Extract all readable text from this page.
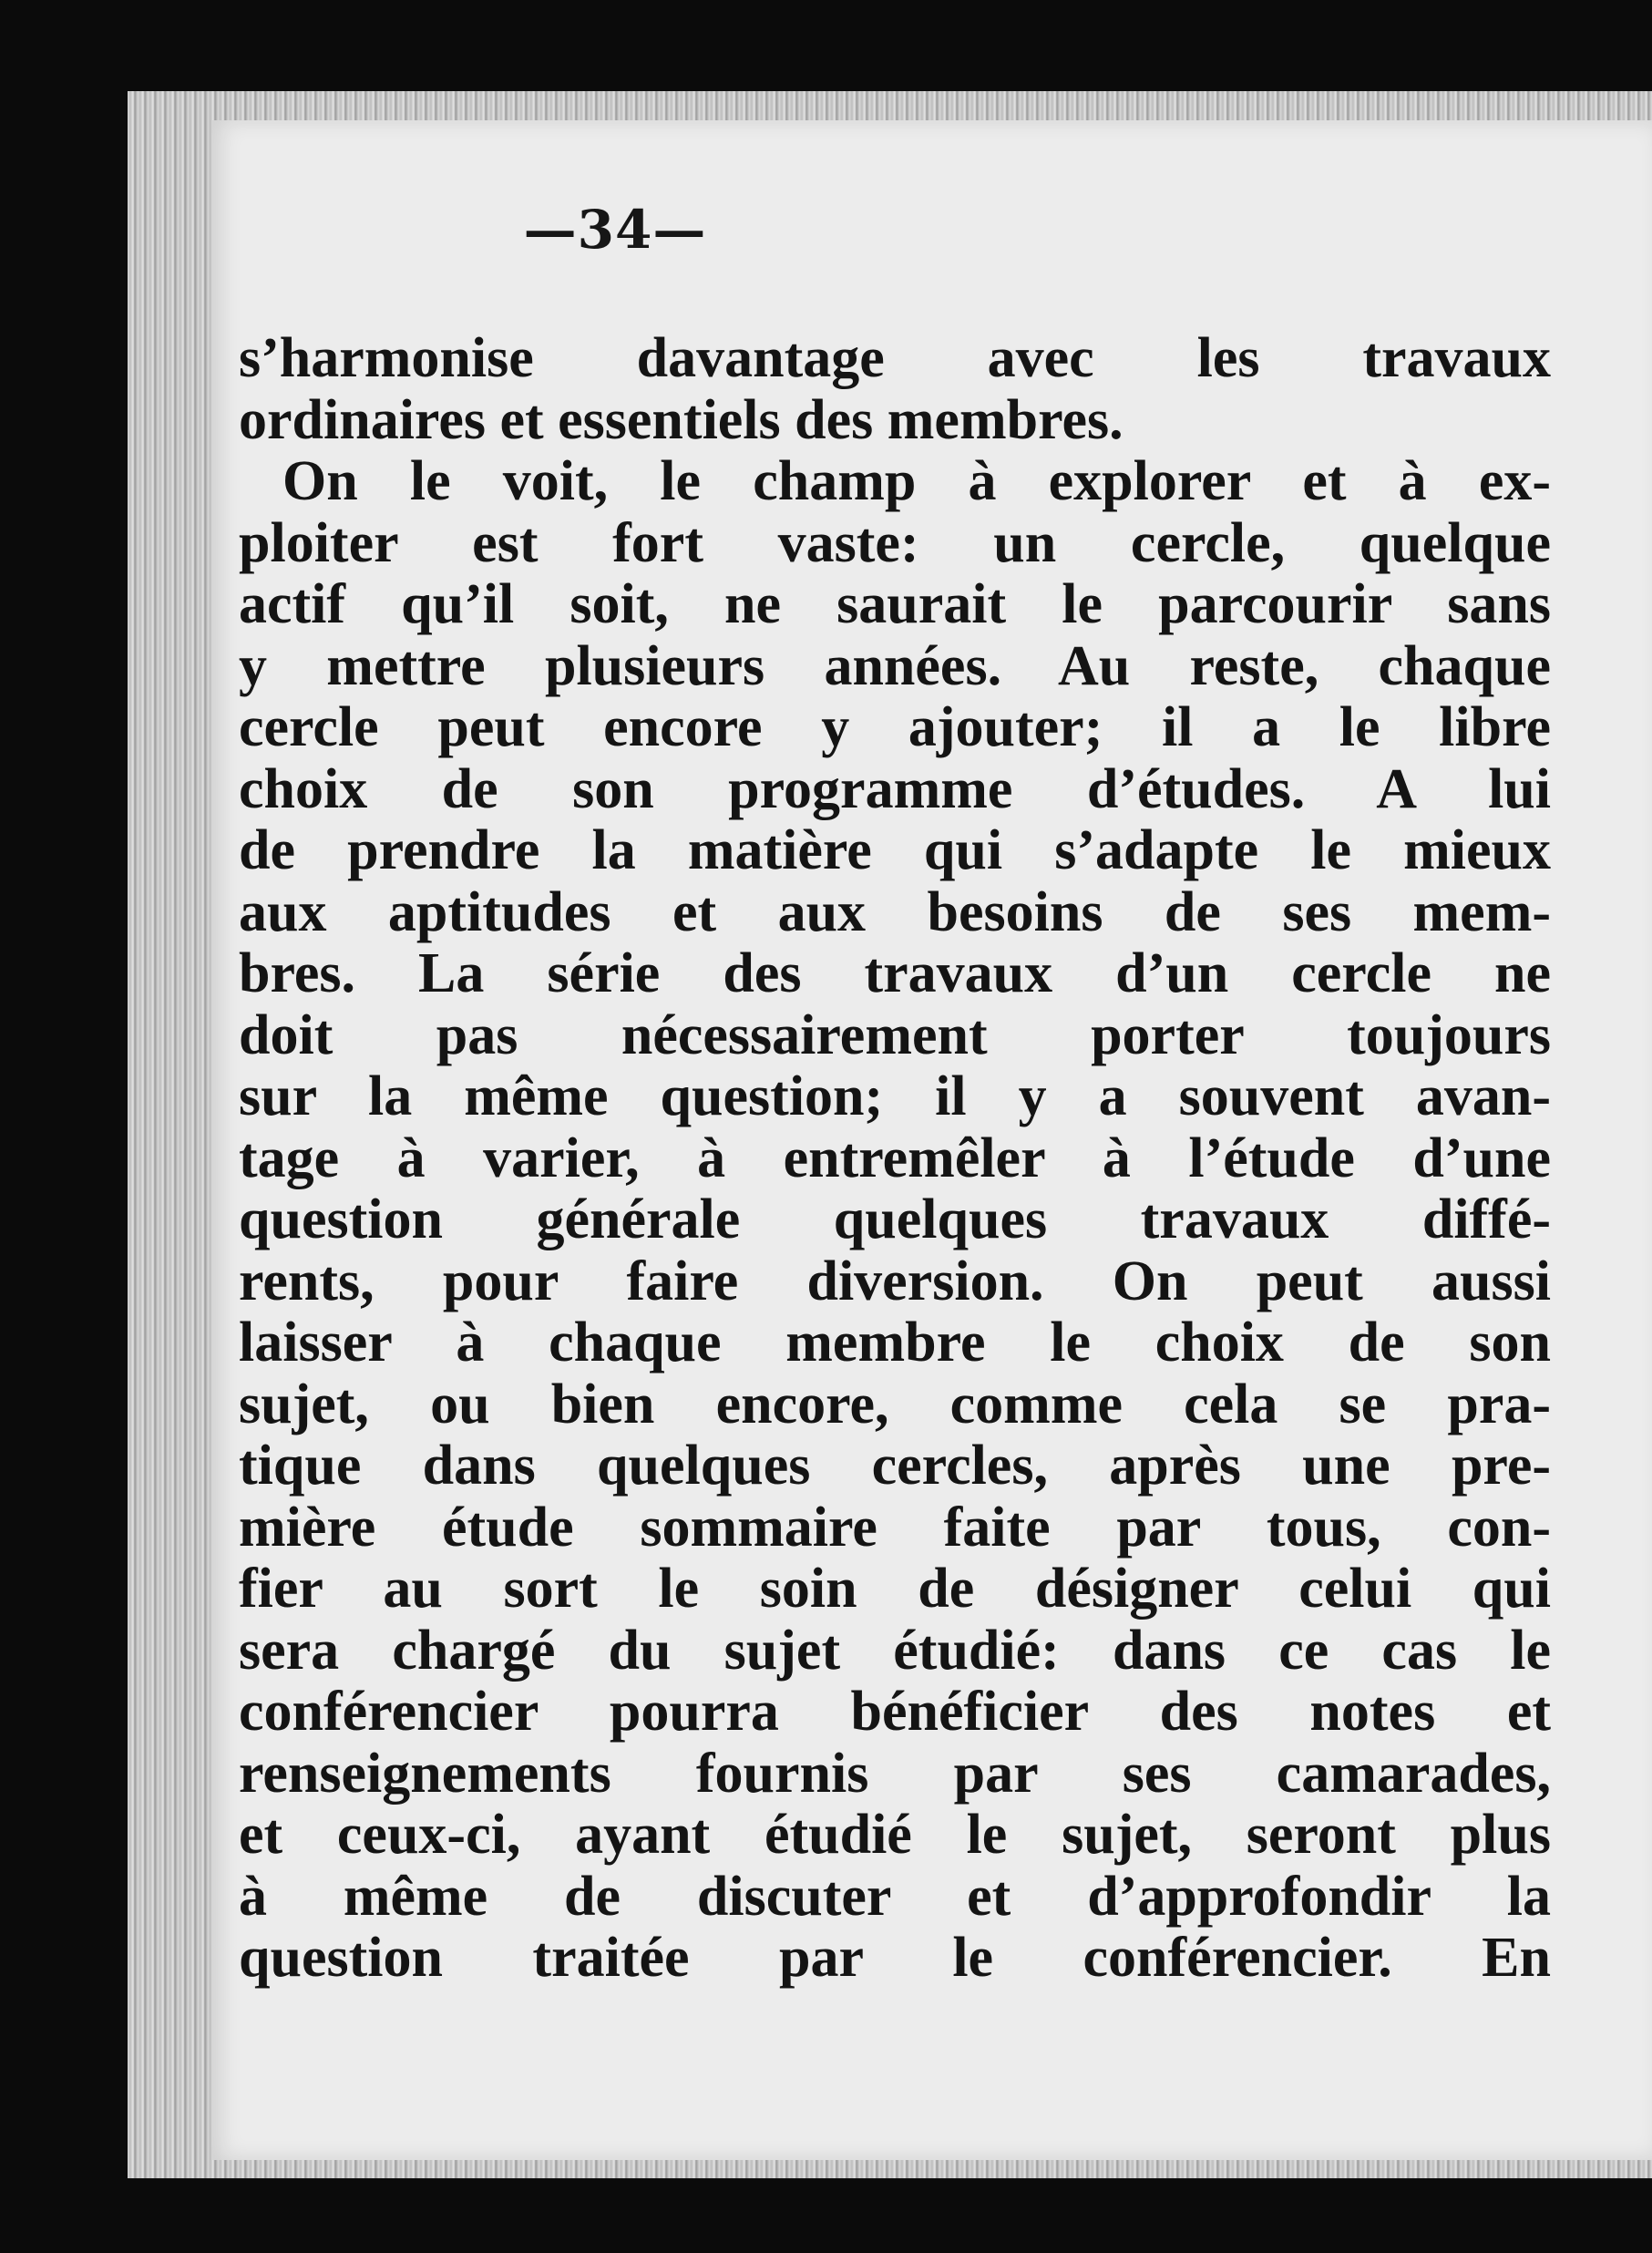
—34—
s’harmonise davantage avec les travaux
ordinaires et essentiels des membres.
On le voit, le champ à explorer et à ex-
ploiter est fort vaste: un cercle, quelque
actif qu’il soit, ne saurait le parcourir sans
y mettre plusieurs années. Au reste, chaque
cercle peut encore y ajouter; il a le libre
choix de son programme d’études. A lui
de prendre la matière qui s’adapte le mieux
aux aptitudes et aux besoins de ses mem-
bres. La série des travaux d’un cercle ne
doit pas nécessairement porter toujours
sur la même question; il y a souvent avan-
tage à varier, à entremêler à l’étude d’une
question générale quelques travaux diffé-
rents, pour faire diversion. On peut aussi
laisser à chaque membre le choix de son
sujet, ou bien encore, comme cela se pra-
tique dans quelques cercles, après une pre-
mière étude sommaire faite par tous, con-
fier au sort le soin de désigner celui qui
sera chargé du sujet étudié: dans ce cas le
conférencier pourra bénéficier des notes et
renseignements fournis par ses camarades,
et ceux-ci, ayant étudié le sujet, seront plus
à même de discuter et d’approfondir la
question traitée par le conférencier. En
